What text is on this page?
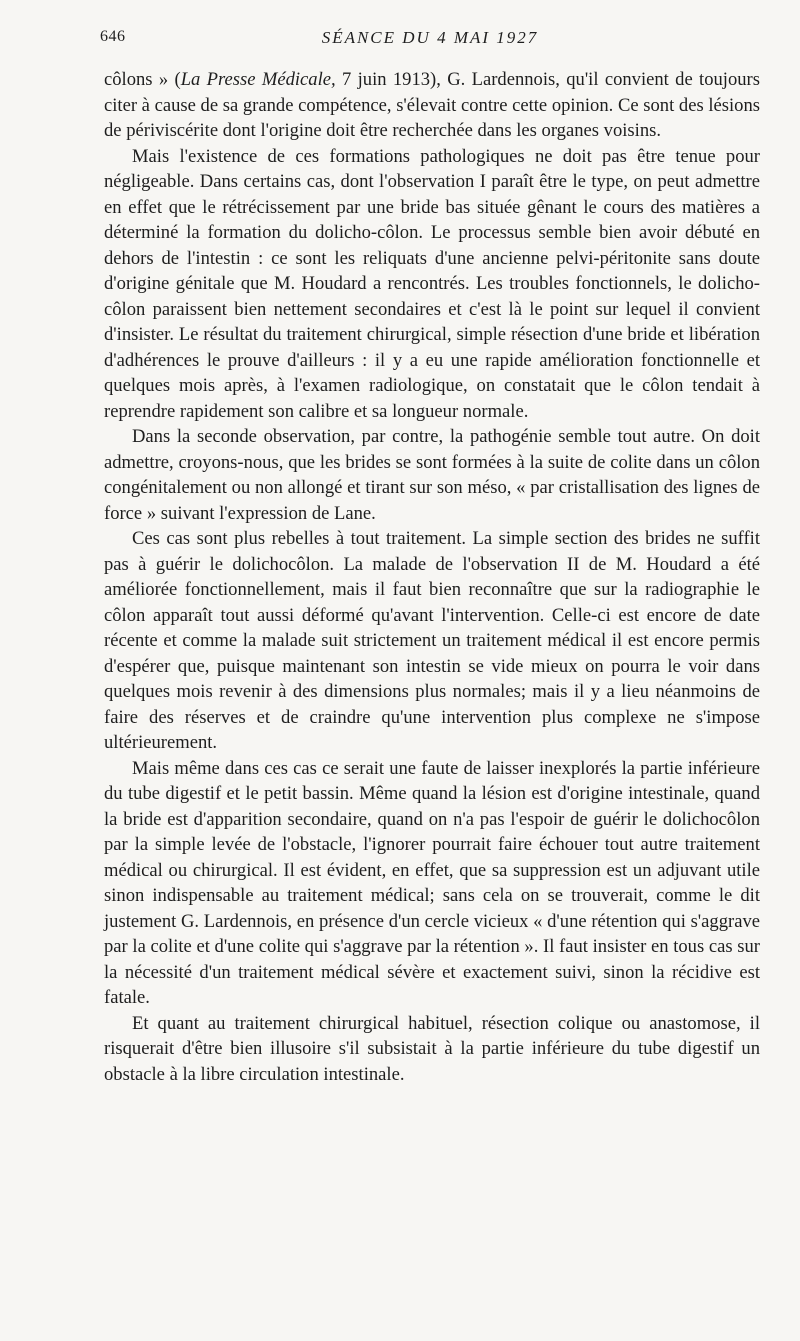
646	SÉANCE DU 4 MAI 1927

côlons » (La Presse Médicale, 7 juin 1913), G. Lardennois, qu'il convient de toujours citer à cause de sa grande compétence, s'élevait contre cette opinion. Ce sont des lésions de périviscérite dont l'origine doit être recherchée dans les organes voisins.

Mais l'existence de ces formations pathologiques ne doit pas être tenue pour négligeable. Dans certains cas, dont l'observation I paraît être le type, on peut admettre en effet que le rétrécissement par une bride bas située gênant le cours des matières a déterminé la formation du dolicho-côlon. Le processus semble bien avoir débuté en dehors de l'intestin : ce sont les reliquats d'une ancienne pelvi-péritonite sans doute d'origine génitale que M. Houdard a rencontrés. Les troubles fonctionnels, le dolicho-côlon paraissent bien nettement secondaires et c'est là le point sur lequel il convient d'insister. Le résultat du traitement chirurgical, simple résection d'une bride et libération d'adhérences le prouve d'ailleurs : il y a eu une rapide amélioration fonctionnelle et quelques mois après, à l'examen radiologique, on constatait que le côlon tendait à reprendre rapidement son calibre et sa longueur normale.

Dans la seconde observation, par contre, la pathogénie semble tout autre. On doit admettre, croyons-nous, que les brides se sont formées à la suite de colite dans un côlon congénitalement ou non allongé et tirant sur son méso, « par cristallisation des lignes de force » suivant l'expression de Lane.

Ces cas sont plus rebelles à tout traitement. La simple section des brides ne suffit pas à guérir le dolichocôlon. La malade de l'observation II de M. Houdard a été améliorée fonctionnellement, mais il faut bien reconnaître que sur la radiographie le côlon apparaît tout aussi déformé qu'avant l'intervention. Celle-ci est encore de date récente et comme la malade suit strictement un traitement médical il est encore permis d'espérer que, puisque maintenant son intestin se vide mieux on pourra le voir dans quelques mois revenir à des dimensions plus normales; mais il y a lieu néanmoins de faire des réserves et de craindre qu'une intervention plus complexe ne s'impose ultérieurement.

Mais même dans ces cas ce serait une faute de laisser inexplorés la partie inférieure du tube digestif et le petit bassin. Même quand la lésion est d'origine intestinale, quand la bride est d'apparition secondaire, quand on n'a pas l'espoir de guérir le dolichocôlon par la simple levée de l'obstacle, l'ignorer pourrait faire échouer tout autre traitement médical ou chirurgical. Il est évident, en effet, que sa suppression est un adjuvant utile sinon indispensable au traitement médical; sans cela on se trouverait, comme le dit justement G. Lardennois, en présence d'un cercle vicieux « d'une rétention qui s'aggrave par la colite et d'une colite qui s'aggrave par la rétention ». Il faut insister en tous cas sur la nécessité d'un traitement médical sévère et exactement suivi, sinon la récidive est fatale.

Et quant au traitement chirurgical habituel, résection colique ou anastomose, il risquerait d'être bien illusoire s'il subsistait à la partie inférieure du tube digestif un obstacle à la libre circulation intestinale.
